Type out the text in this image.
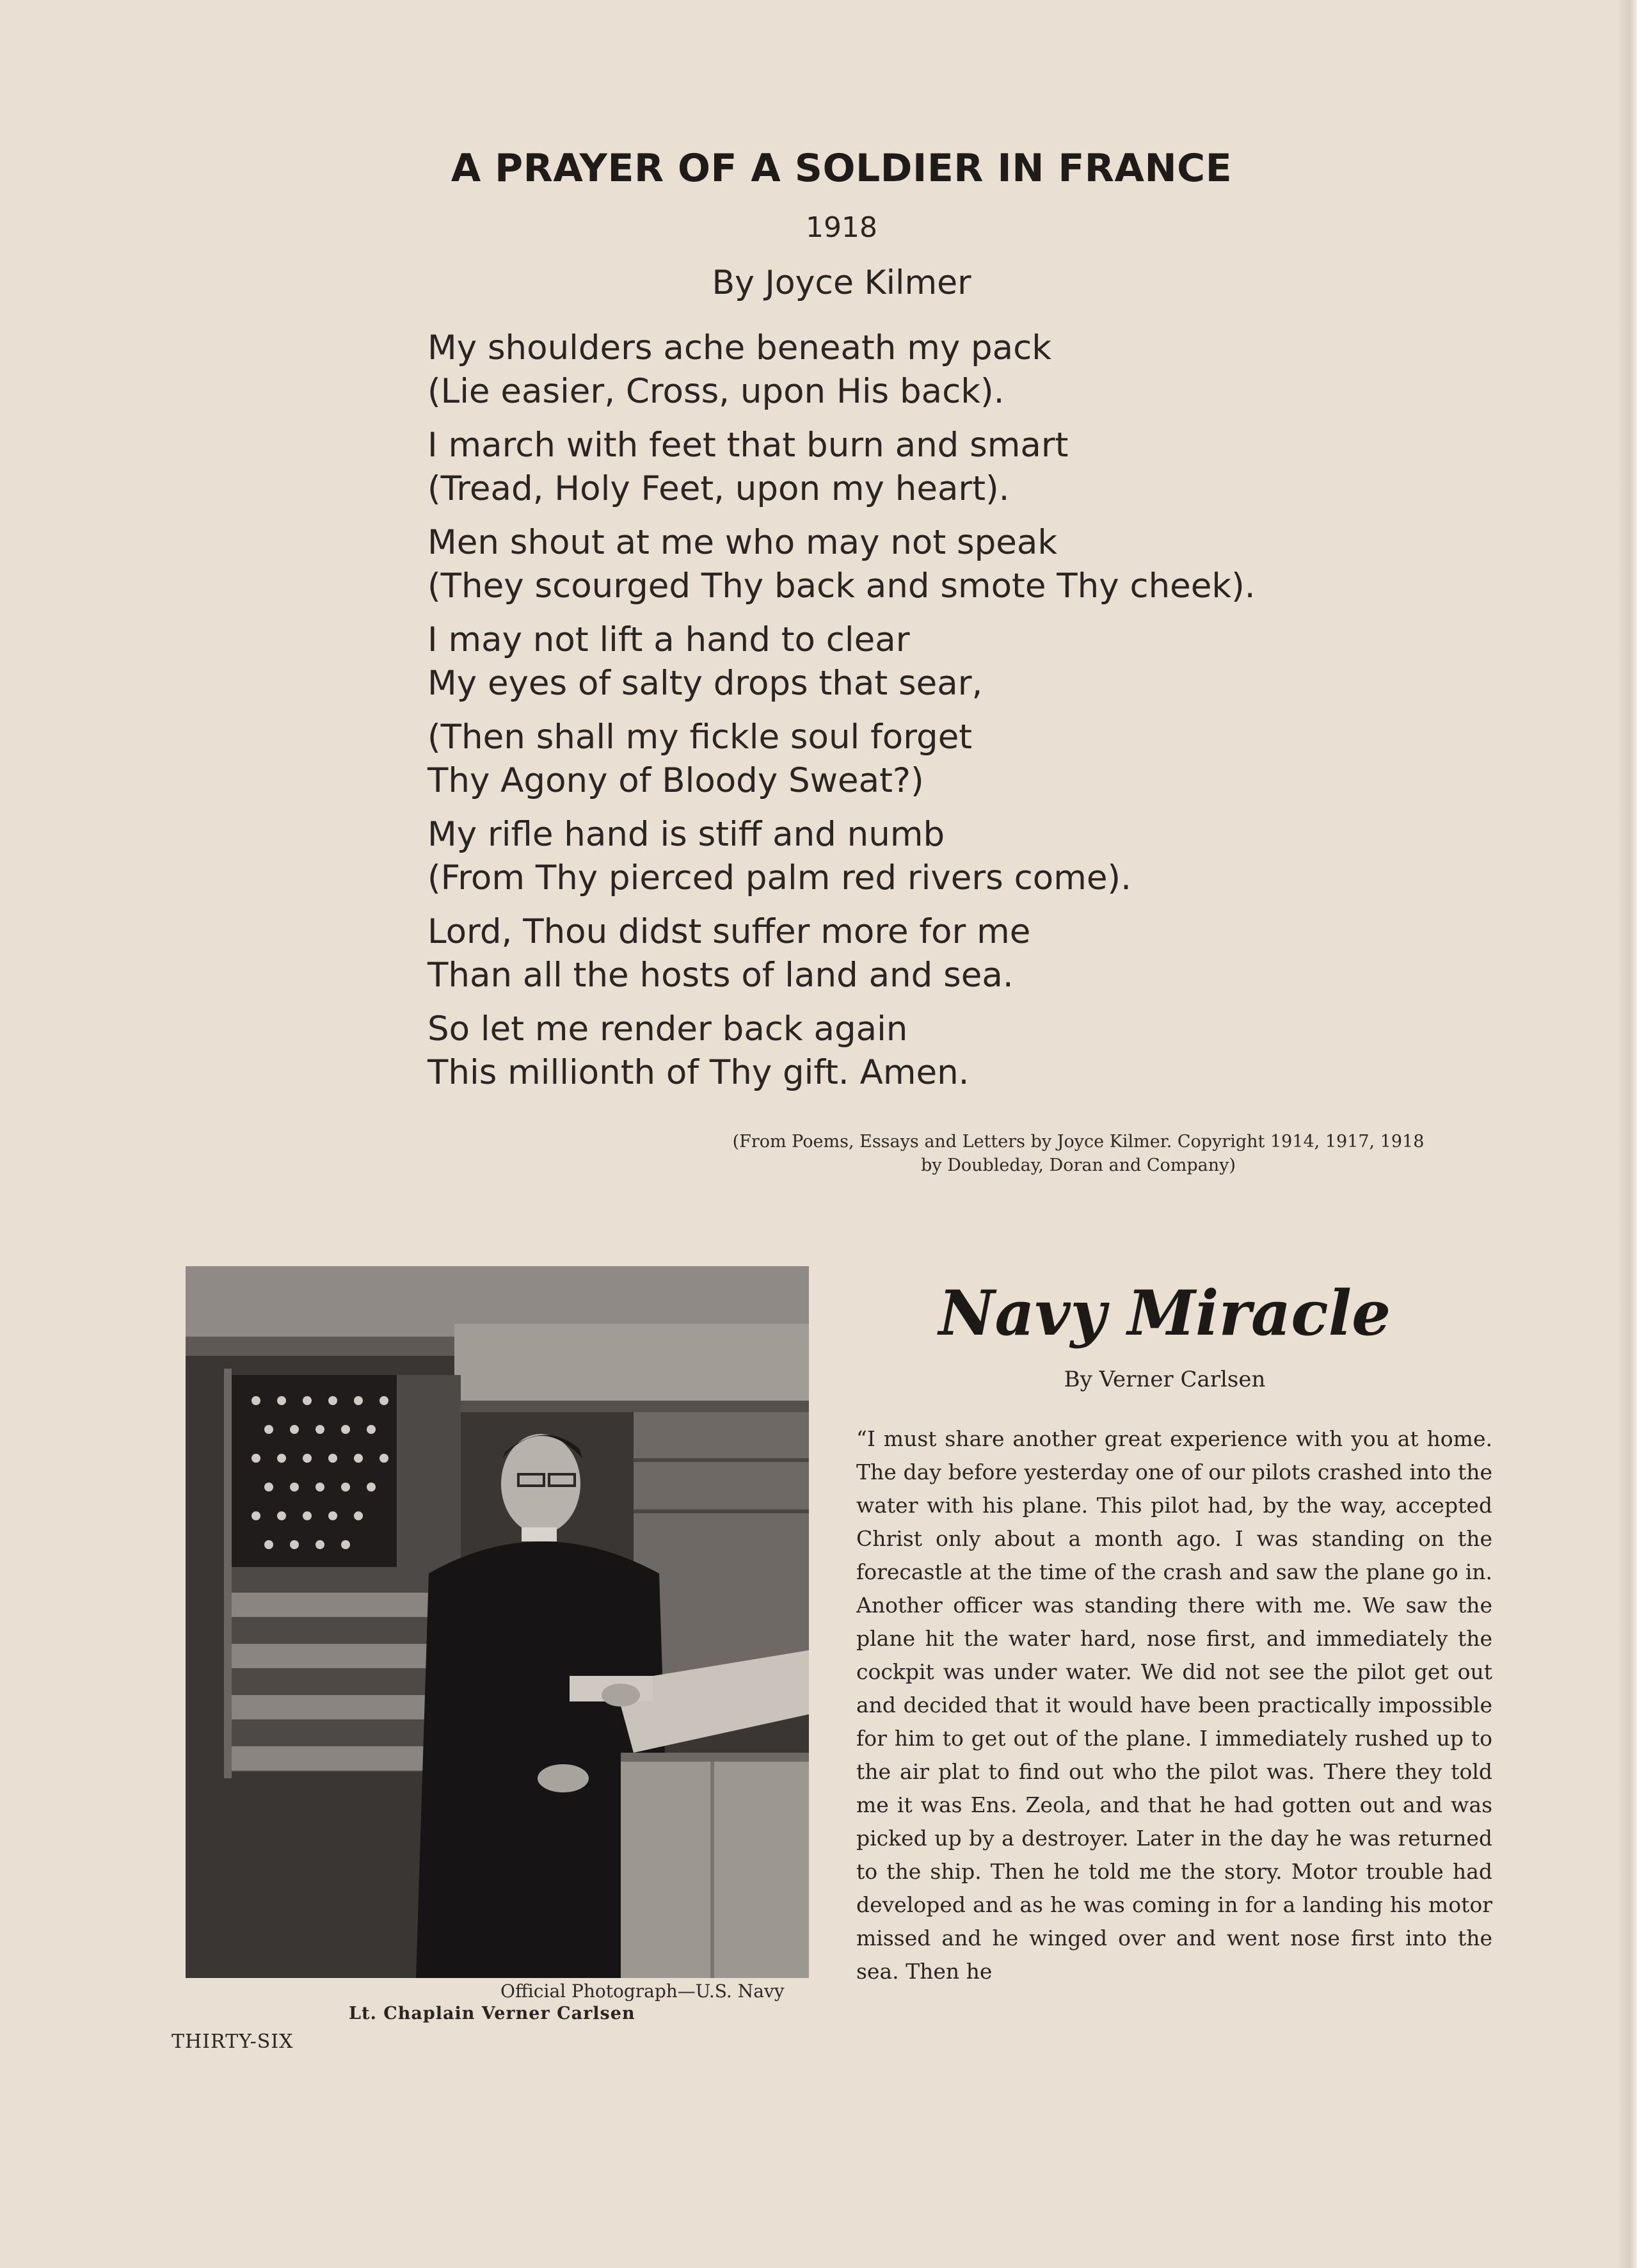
A PRAYER OF A SOLDIER IN FRANCE
1918
By Joyce Kilmer
My shoulders ache beneath my pack
(Lie easier, Cross, upon His back).
I march with feet that burn and smart
(Tread, Holy Feet, upon my heart).
Men shout at me who may not speak
(They scourged Thy back and smote Thy cheek).
I may not lift a hand to clear
My eyes of salty drops that sear,
(Then shall my fickle soul forget
Thy Agony of Bloody Sweat?)
My rifle hand is stiff and numb
(From Thy pierced palm red rivers come).
Lord, Thou didst suffer more for me
Than all the hosts of land and sea.
So let me render back again
This millionth of Thy gift. Amen.
(From Poems, Essays and Letters by Joyce Kilmer. Copyright 1914, 1917, 1918
by Doubleday, Doran and Company)
Official Photograph—U.S. Navy
Lt. Chaplain Verner Carlsen
THIRTY-SIX
Navy Miracle
By Verner Carlsen
“I must share another great experience with you at home. The day before yesterday one of our pilots crashed into the water with his plane. This pilot had, by the way, accepted Christ only about a month ago. I was standing on the forecastle at the time of the crash and saw the plane go in. Another officer was standing there with me. We saw the plane hit the water hard, nose first, and immediately the cockpit was under water. We did not see the pilot get out and decided that it would have been practically impossible for him to get out of the plane. I immediately rushed up to the air plat to find out who the pilot was. There they told me it was Ens. Zeola, and that he had gotten out and was picked up by a destroyer. Later in the day he was returned to the ship. Then he told me the story. Motor trouble had developed and as he was coming in for a landing his motor missed and he winged over and went nose first into the sea. Then he
